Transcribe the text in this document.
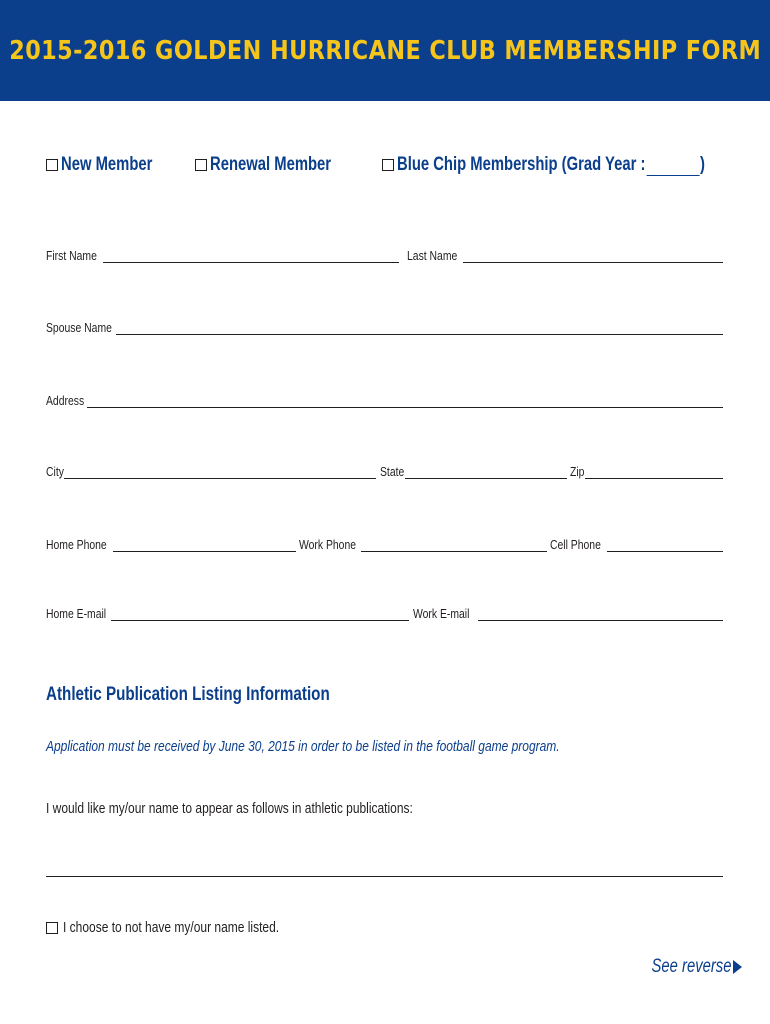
2015-2016 GOLDEN HURRICANE CLUB MEMBERSHIP FORM
New Member	Renewal Member	Blue Chip Membership (Grad Year :	)
First Name	Last Name
Spouse Name
Address
City	State	Zip
Home Phone	Work Phone	Cell Phone
Home E-mail	Work E-mail
Athletic Publication Listing Information
Application must be received by June 30, 2015 in order to be listed in the football game program.
I would like my/our name to appear as follows in athletic publications:
I choose to not have my/our name listed.
See reverse
